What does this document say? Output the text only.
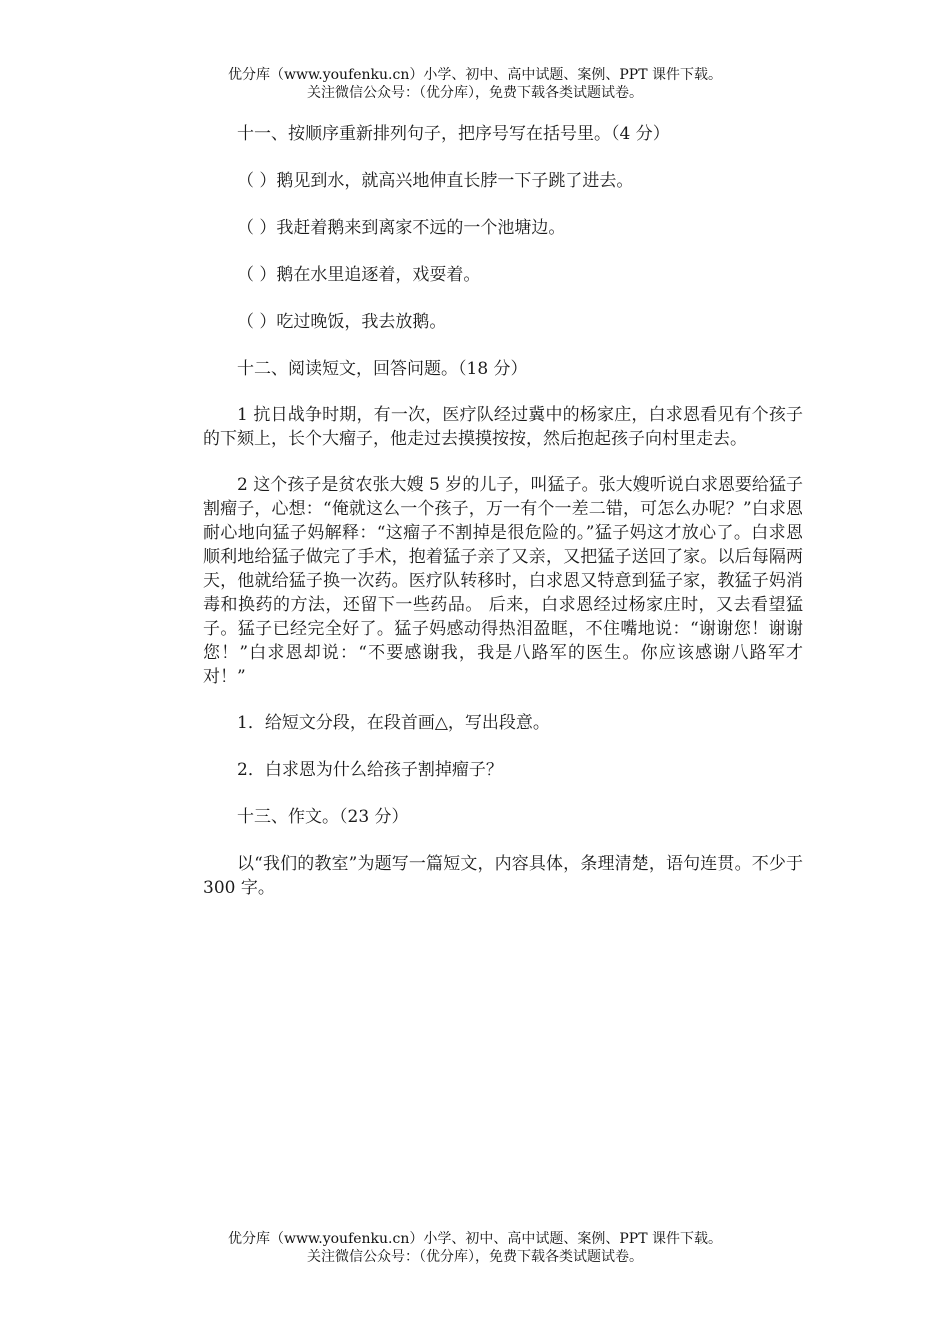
优分库（www.youfenku.cn）小学、初中、高中试题、案例、PPT 课件下载。
关注微信公众号：（优分库），免费下载各类试题试卷。

十一、按顺序重新排列句子，把序号写在括号里。（4 分）

（ ）鹅见到水，就高兴地伸直长脖一下子跳了进去。

（ ）我赶着鹅来到离家不远的一个池塘边。

（ ）鹅在水里追逐着，戏耍着。

（ ）吃过晚饭，我去放鹅。

十二、阅读短文，回答问题。（18 分）

1 抗日战争时期，有一次，医疗队经过冀中的杨家庄，白求恩看见有个孩子的下颏上，长个大瘤子，他走过去摸摸按按，然后抱起孩子向村里走去。

2 这个孩子是贫农张大嫂 5 岁的儿子，叫猛子。张大嫂听说白求恩要给猛子割瘤子，心想：“俺就这么一个孩子，万一有个一差二错，可怎么办呢？”白求恩耐心地向猛子妈解释：“这瘤子不割掉是很危险的。”猛子妈这才放心了。白求恩顺利地给猛子做完了手术，抱着猛子亲了又亲，又把猛子送回了家。以后每隔两天，他就给猛子换一次药。医疗队转移时，白求恩又特意到猛子家，教猛子妈消毒和换药的方法，还留下一些药品。 后来，白求恩经过杨家庄时，又去看望猛子。猛子已经完全好了。猛子妈感动得热泪盈眶，不住嘴地说：“谢谢您！谢谢您！”白求恩却说：“不要感谢我，我是八路军的医生。你应该感谢八路军才对！”

1．给短文分段，在段首画△，写出段意。

2．白求恩为什么给孩子割掉瘤子？

十三、作文。（23 分）

以“我们的教室”为题写一篇短文，内容具体，条理清楚，语句连贯。不少于 300 字。

优分库（www.youfenku.cn）小学、初中、高中试题、案例、PPT 课件下载。
关注微信公众号：（优分库），免费下载各类试题试卷。
